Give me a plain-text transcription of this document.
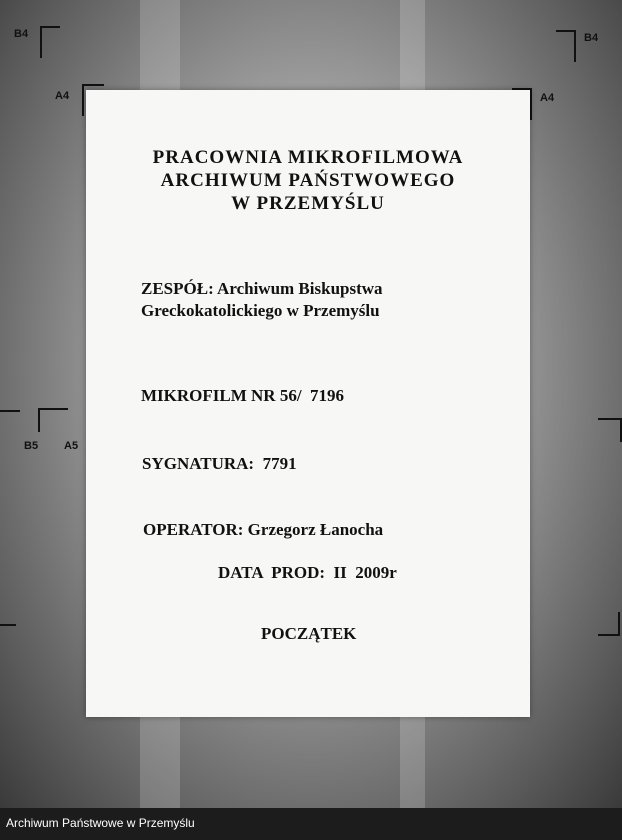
B4	B4
A4	A4
B5 A5
PRACOWNIA MIKROFILMOWA
ARCHIWUM PAŃSTWOWEGO
W PRZEMYŚLU
ZESPÓŁ: Archiwum Biskupstwa
Greckokatolickiego w Przemyślu
MIKROFILM NR 56/  7196
SYGNATURA:  7791
OPERATOR: Grzegorz Łanocha
DATA  PROD:  II  2009r
POCZĄTEK
Archiwum Państwowe w Przemyślu
